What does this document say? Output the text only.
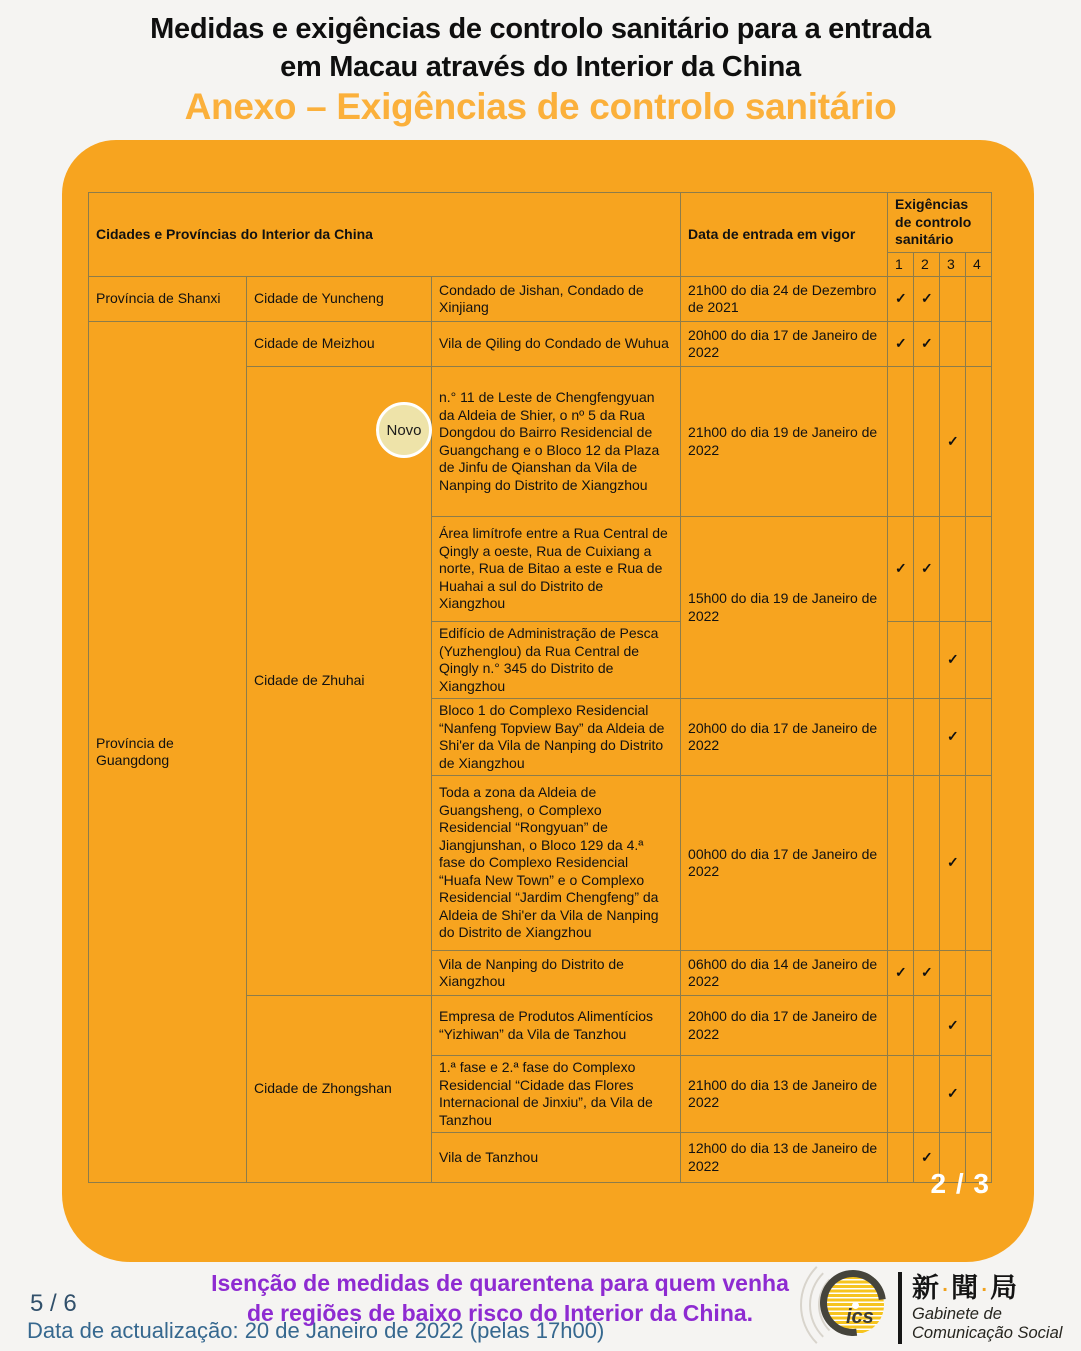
Medidas e exigências de controlo sanitário para a entrada
em Macau através do Interior da China
Anexo – Exigências de controlo sanitário
Cidades e Províncias do Interior da China			Data de entrada em vigor	Exigências de controlo sanitário			
				1	2	3	4
Província de Shanxi	Cidade de Yuncheng	Condado de Jishan, Condado de Xinjiang	21h00 do dia 24 de Dezembro de 2021	✓	✓		
Província de Guangdong	Cidade de Meizhou	Vila de Qiling do Condado de Wuhua	20h00 do dia 17 de Janeiro de 2022	✓	✓		
	Cidade de Zhuhai	n.° 11 de Leste de Chengfengyuan da Aldeia de Shier, o nº 5 da Rua Dongdou do Bairro Residencial de Guangchang e o Bloco 12 da Plaza de Jinfu de Qianshan da Vila de Nanping do Distrito de Xiangzhou	21h00 do dia 19 de Janeiro de 2022			✓	
		Área limítrofe entre a Rua Central de Qingly a oeste, Rua de Cuixiang a norte, Rua de Bitao a este e Rua de Huahai a sul do Distrito de Xiangzhou	15h00 do dia 19 de Janeiro de 2022	✓	✓		
		Edifício de Administração de Pesca (Yuzhenglou) da Rua Central de Qingly n.° 345 do Distrito de Xiangzhou				✓	
		Bloco 1 do Complexo Residencial “Nanfeng Topview Bay” da Aldeia de Shi'er da Vila de Nanping do Distrito de Xiangzhou	20h00 do dia 17 de Janeiro de 2022			✓	
		Toda a zona da Aldeia de Guangsheng, o Complexo Residencial “Rongyuan” de Jiangjunshan, o Bloco 129 da 4.ª fase do Complexo Residencial “Huafa New Town” e o Complexo Residencial “Jardim Chengfeng” da Aldeia de Shi'er da Vila de Nanping do Distrito de Xiangzhou	00h00 do dia 17 de Janeiro de 2022			✓	
		Vila de Nanping do Distrito de Xiangzhou	06h00 do dia 14 de Janeiro de 2022	✓	✓		
	Cidade de Zhongshan	Empresa de Produtos Alimentícios “Yizhiwan” da Vila de Tanzhou	20h00 do dia 17 de Janeiro de 2022			✓	
		1.ª fase e 2.ª fase do Complexo Residencial “Cidade das Flores Internacional de Jinxiu”, da Vila de Tanzhou	21h00 do dia 13 de Janeiro de 2022			✓	
		Vila de Tanzhou	12h00 do dia 13 de Janeiro de 2022		✓		
Novo
2 / 3
5 / 6
Data de actualização: 20 de Janeiro de 2022 (pelas 17h00)
Isenção de medidas de quarentena para quem venha
de regiões de baixo risco do Interior da China.	ics
新·聞·局
Gabinete de
Comunicação Social
